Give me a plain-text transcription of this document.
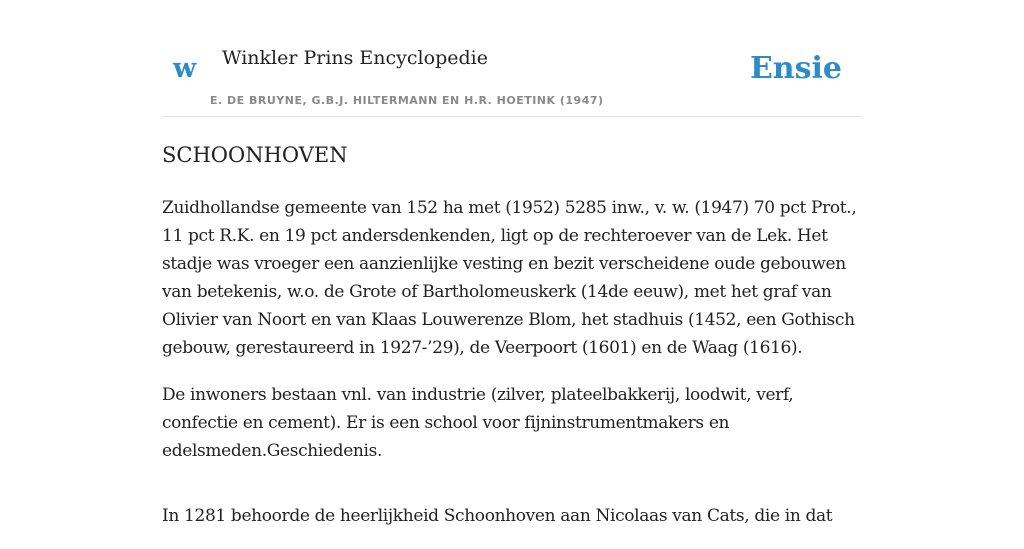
w Winkler Prins Encyclopedie
E. DE BRUYNE, G.B.J. HILTERMANN EN H.R. HOETINK (1947)
Ensie
SCHOONHOVEN

Zuidhollandse gemeente van 152 ha met (1952) 5285 inw., v. w. (1947) 70 pct Prot., 11 pct R.K. en 19 pct andersdenkenden, ligt op de rechteroever van de Lek. Het stadje was vroeger een aanzienlijke vesting en bezit verscheidene oude gebouwen van betekenis, w.o. de Grote of Bartholomeuskerk (14de eeuw), met het graf van Olivier van Noort en van Klaas Louwerenze Blom, het stadhuis (1452, een Gothisch gebouw, gerestaureerd in 1927-’29), de Veerpoort (1601) en de Waag (1616).

De inwoners bestaan vnl. van industrie (zilver, plateelbakkerij, loodwit, verf, confectie en cement). Er is een school voor fijninstrumentmakers en edelsmeden.Geschiedenis.

In 1281 behoorde de heerlijkheid Schoonhoven aan Nicolaas van Cats, die in dat
